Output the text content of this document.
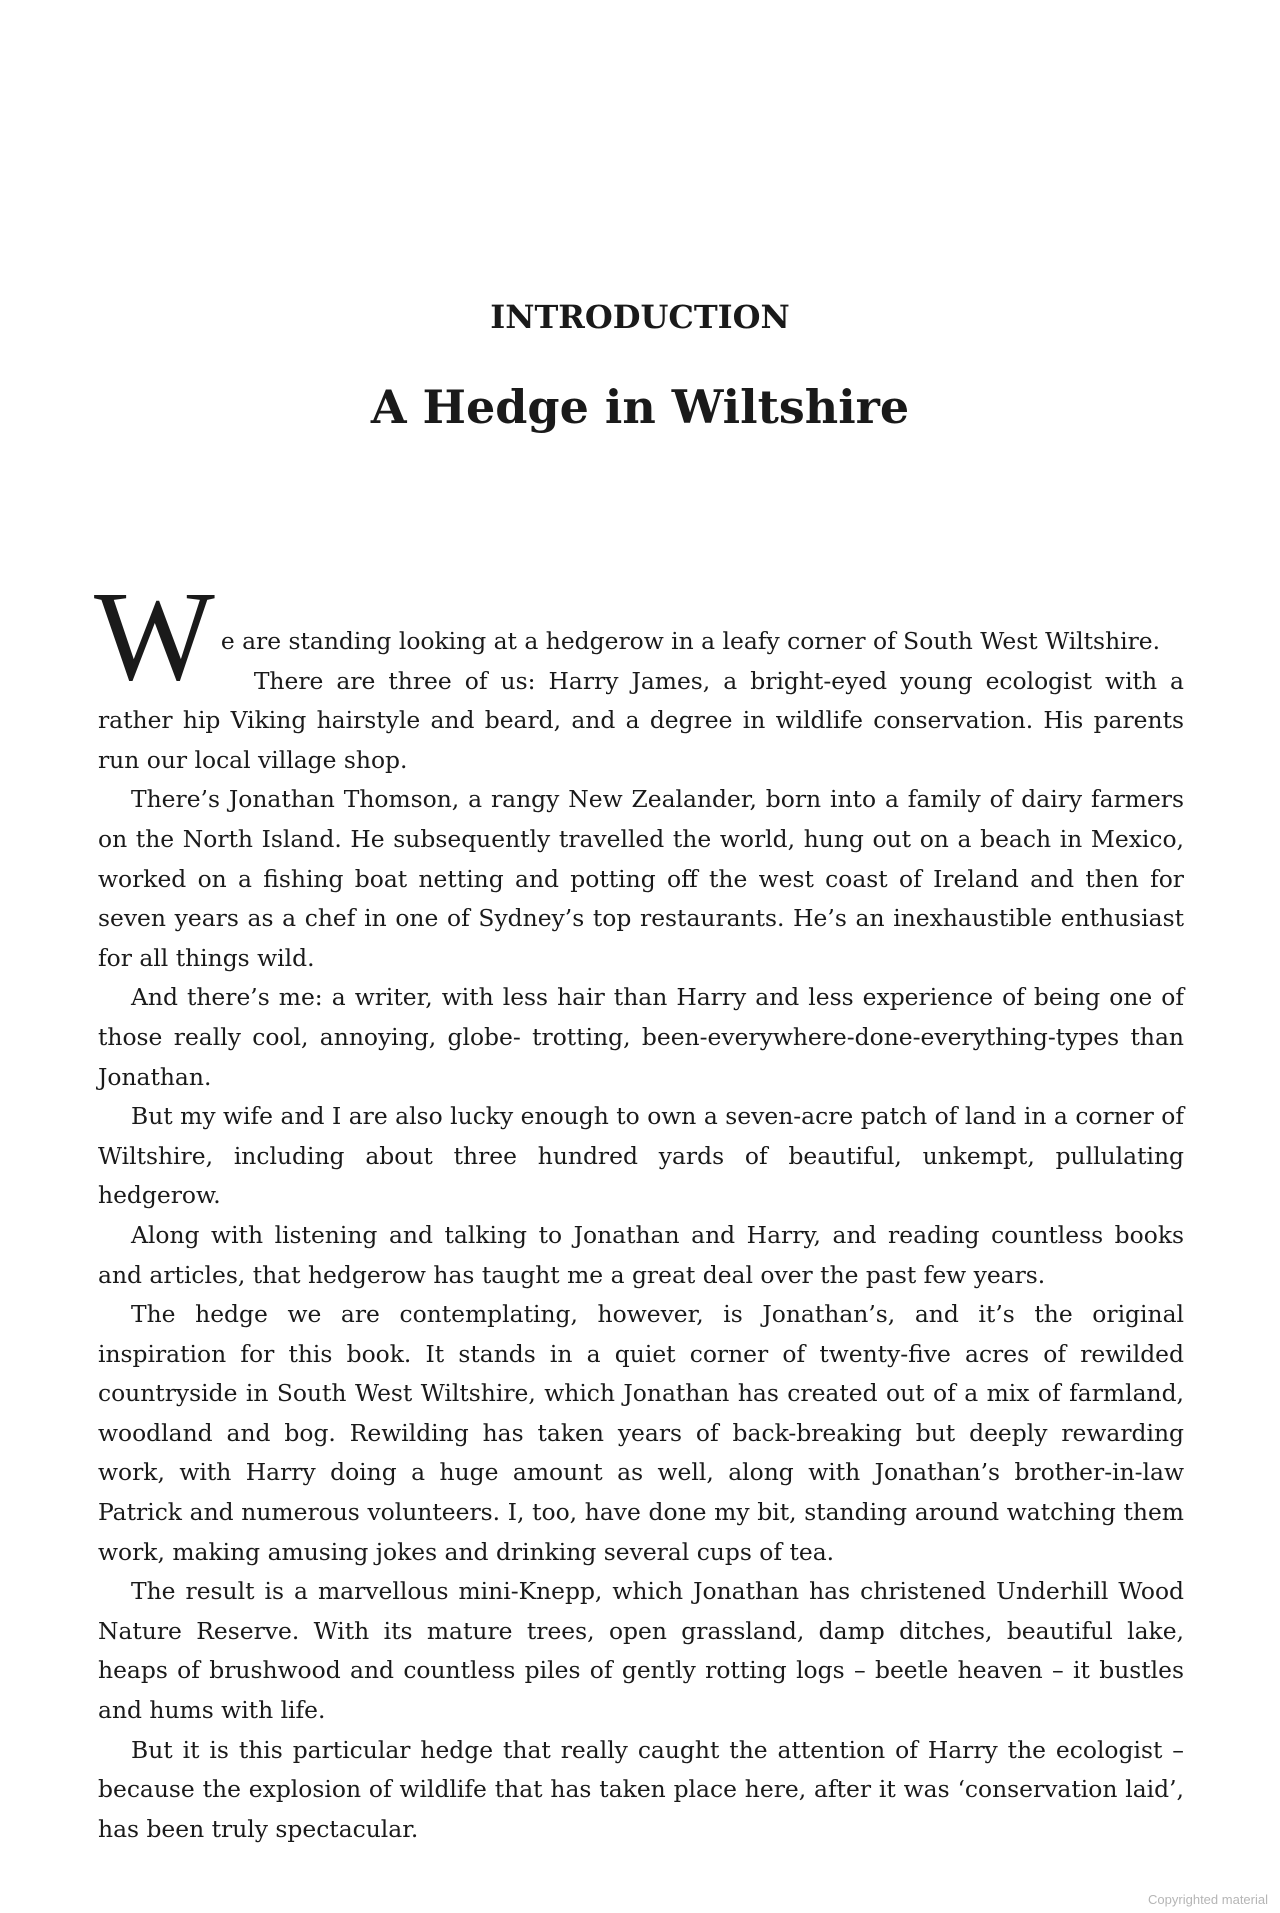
INTRODUCTION
A Hedge in Wiltshire

W e are standing looking at a hedgerow in a leafy corner of South West Wiltshire.

There are three of us: Harry James, a bright-eyed young ecologist with a rather hip Viking hairstyle and beard, and a degree in wildlife conservation. His parents run our local village shop.

There’s Jonathan Thomson, a rangy New Zealander, born into a family of dairy farmers on the North Island. He subsequently travelled the world, hung out on a beach in Mexico, worked on a fishing boat netting and potting off the west coast of Ireland and then for seven years as a chef in one of Sydney’s top restaurants. He’s an inexhaustible enthusiast for all things wild.

And there’s me: a writer, with less hair than Harry and less experience of being one of those really cool, annoying, globe- trotting, been-everywhere-done-everything-types than Jonathan.

But my wife and I are also lucky enough to own a seven-acre patch of land in a corner of Wiltshire, including about three hundred yards of beautiful, unkempt, pullulating hedgerow.

Along with listening and talking to Jonathan and Harry, and reading countless books and articles, that hedgerow has taught me a great deal over the past few years.

The hedge we are contemplating, however, is Jonathan’s, and it’s the original inspiration for this book. It stands in a quiet corner of twenty-five acres of rewilded countryside in South West Wiltshire, which Jonathan has created out of a mix of farmland, woodland and bog. Rewilding has taken years of back-breaking but deeply rewarding work, with Harry doing a huge amount as well, along with Jonathan’s brother-in-law Patrick and numerous volunteers. I, too, have done my bit, standing around watching them work, making amusing jokes and drinking several cups of tea.

The result is a marvellous mini-Knepp, which Jonathan has christened Underhill Wood Nature Reserve. With its mature trees, open grassland, damp ditches, beautiful lake, heaps of brushwood and countless piles of gently rotting logs – beetle heaven – it bustles and hums with life.

But it is this particular hedge that really caught the attention of Harry the ecologist – because the explosion of wildlife that has taken place here, after it was ‘conservation laid’, has been truly spectacular.

Copyrighted material
